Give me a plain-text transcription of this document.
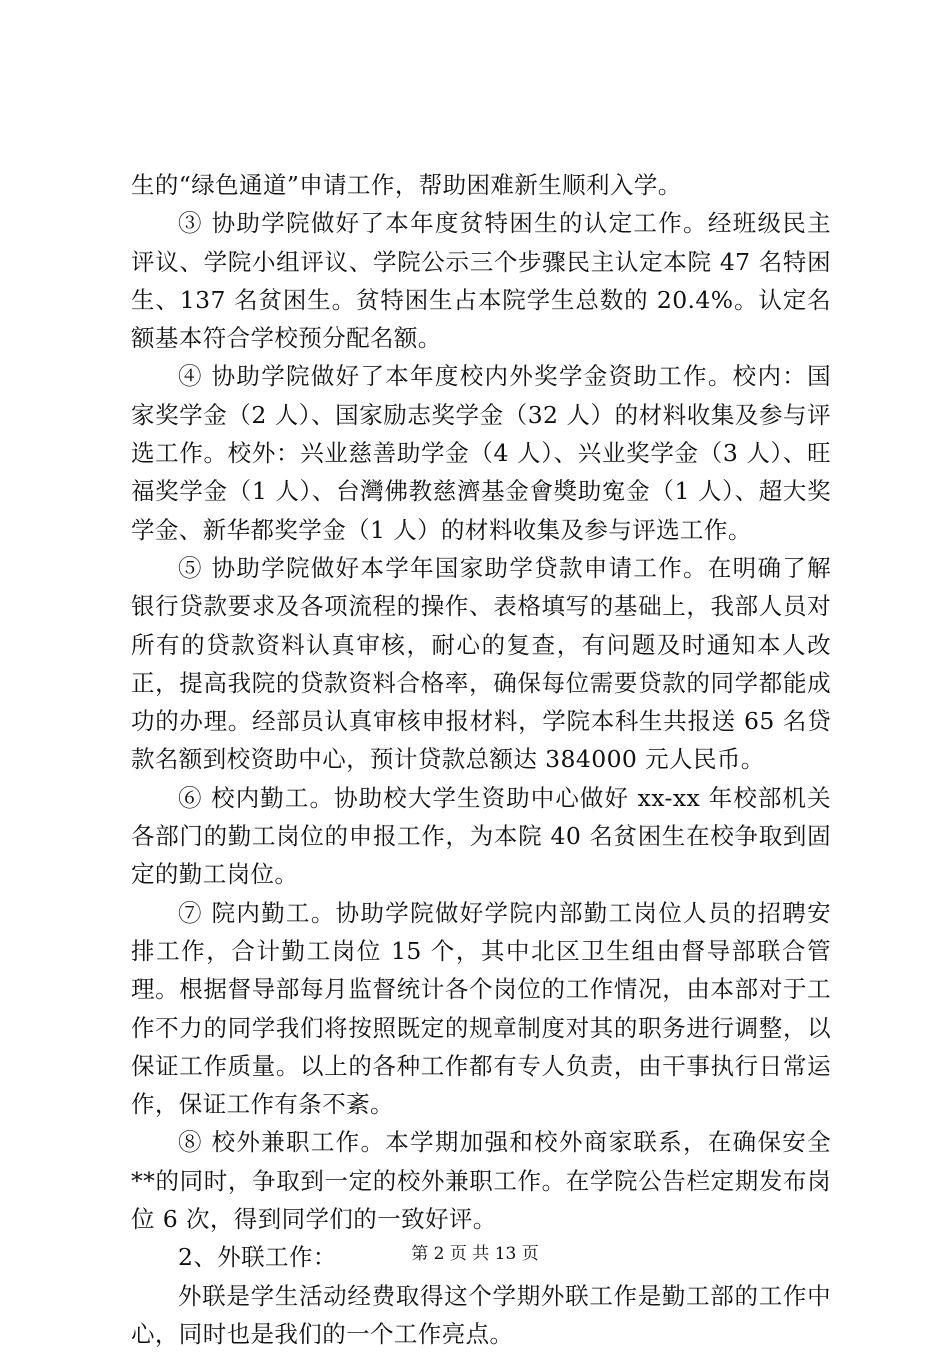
生的“绿色通道”申请工作，帮助困难新生顺利入学。

③ 协助学院做好了本年度贫特困生的认定工作。经班级民主评议、学院小组评议、学院公示三个步骤民主认定本院 47 名特困生、137 名贫困生。贫特困生占本院学生总数的 20.4%。认定名额基本符合学校预分配名额。

④ 协助学院做好了本年度校内外奖学金资助工作。校内：国家奖学金（2 人）、国家励志奖学金（32 人）的材料收集及参与评选工作。校外：兴业慈善助学金（4 人）、兴业奖学金（3 人）、旺福奖学金（1 人）、台灣佛教慈濟基金會獎助寃金（1 人）、超大奖学金、新华都奖学金（1 人）的材料收集及参与评选工作。

⑤ 协助学院做好本学年国家助学贷款申请工作。在明确了解银行贷款要求及各项流程的操作、表格填写的基础上，我部人员对所有的贷款资料认真审核，耐心的复查，有问题及时通知本人改正，提高我院的贷款资料合格率，确保每位需要贷款的同学都能成功的办理。经部员认真审核申报材料，学院本科生共报送 65 名贷款名额到校资助中心，预计贷款总额达 384000 元人民币。

⑥ 校内勤工。协助校大学生资助中心做好 xx-xx 年校部机关各部门的勤工岗位的申报工作，为本院 40 名贫困生在校争取到固定的勤工岗位。

⑦ 院内勤工。协助学院做好学院内部勤工岗位人员的招聘安排工作，合计勤工岗位 15 个，其中北区卫生组由督导部联合管理。根据督导部每月监督统计各个岗位的工作情况，由本部对于工作不力的同学我们将按照既定的规章制度对其的职务进行调整，以保证工作质量。以上的各种工作都有专人负责，由干事执行日常运作，保证工作有条不紊。

⑧ 校外兼职工作。本学期加强和校外商家联系，在确保安全**的同时，争取到一定的校外兼职工作。在学院公告栏定期发布岗位 6 次，得到同学们的一致好评。

2、外联工作：

外联是学生活动经费取得这个学期外联工作是勤工部的工作中心，同时也是我们的一个工作亮点。

第 2 页 共 13 页
